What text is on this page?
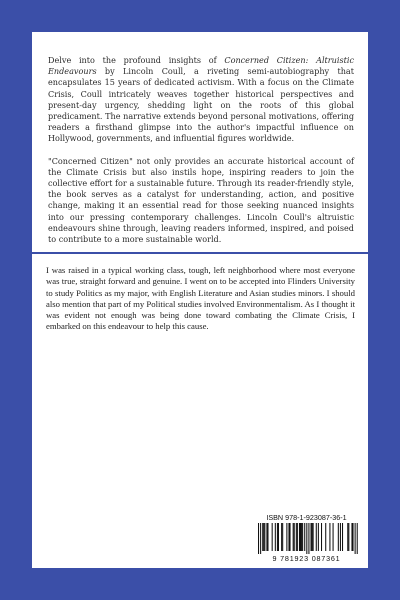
Delve into the profound insights of Concerned Citizen: Altruistic Endeavours by Lincoln Coull, a riveting semi-autobiography that encapsulates 15 years of dedicated activism. With a focus on the Climate Crisis, Coull intricately weaves together historical perspectives and present-day urgency, shedding light on the roots of this global predicament. The narrative extends beyond personal motivations, offering readers a firsthand glimpse into the author's impactful influence on Hollywood, governments, and influential figures worldwide.

"Concerned Citizen" not only provides an accurate historical account of the Climate Crisis but also instils hope, inspiring readers to join the collective effort for a sustainable future. Through its reader-friendly style, the book serves as a catalyst for understanding, action, and positive change, making it an essential read for those seeking nuanced insights into our pressing contemporary challenges. Lincoln Coull's altruistic endeavours shine through, leaving readers informed, inspired, and poised to contribute to a more sustainable world.

I was raised in a typical working class, tough, left neighborhood where most everyone was true, straight forward and genuine. I went on to be accepted into Flinders University to study Politics as my major, with English Literature and Asian studies minors. I should also mention that part of my Political studies involved Environmentalism. As I thought it was evident not enough was being done toward combating the Climate Crisis, I embarked on this endeavour to help this cause.

ISBN 978-1-923087-36-1
9 781923 087361
